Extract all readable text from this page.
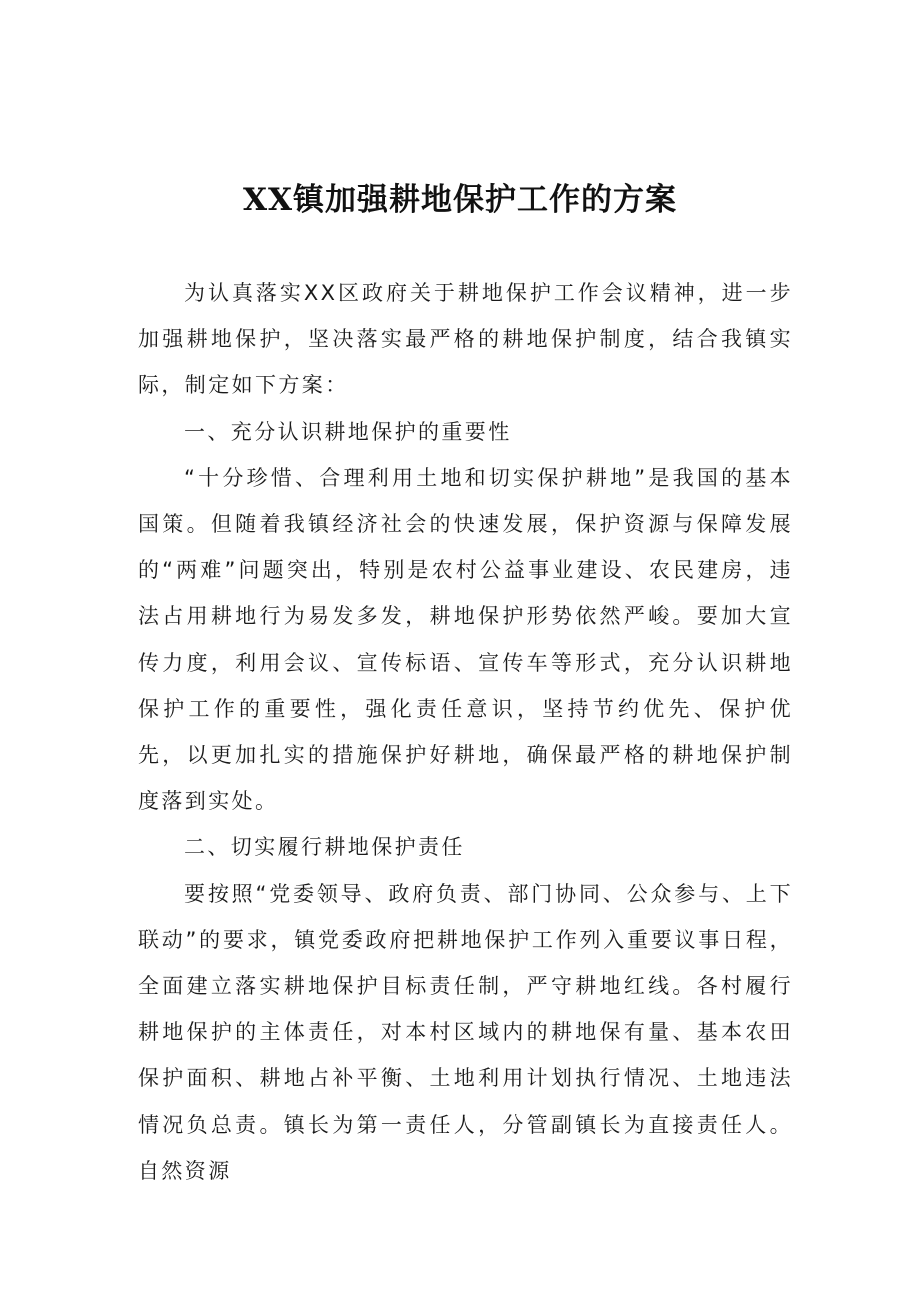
XX镇加强耕地保护工作的方案

为认真落实XX区政府关于耕地保护工作会议精神，进一步加强耕地保护，坚决落实最严格的耕地保护制度，结合我镇实际，制定如下方案：

一、充分认识耕地保护的重要性

“十分珍惜、合理利用土地和切实保护耕地”是我国的基本国策。但随着我镇经济社会的快速发展，保护资源与保障发展的“两难”问题突出，特别是农村公益事业建设、农民建房，违法占用耕地行为易发多发，耕地保护形势依然严峻。要加大宣传力度，利用会议、宣传标语、宣传车等形式，充分认识耕地保护工作的重要性，强化责任意识，坚持节约优先、保护优先，以更加扎实的措施保护好耕地，确保最严格的耕地保护制度落到实处。

二、切实履行耕地保护责任

要按照“党委领导、政府负责、部门协同、公众参与、上下联动”的要求，镇党委政府把耕地保护工作列入重要议事日程，全面建立落实耕地保护目标责任制，严守耕地红线。各村履行耕地保护的主体责任，对本村区域内的耕地保有量、基本农田保护面积、耕地占补平衡、土地利用计划执行情况、土地违法情况负总责。镇长为第一责任人，分管副镇长为直接责任人。自然资源
